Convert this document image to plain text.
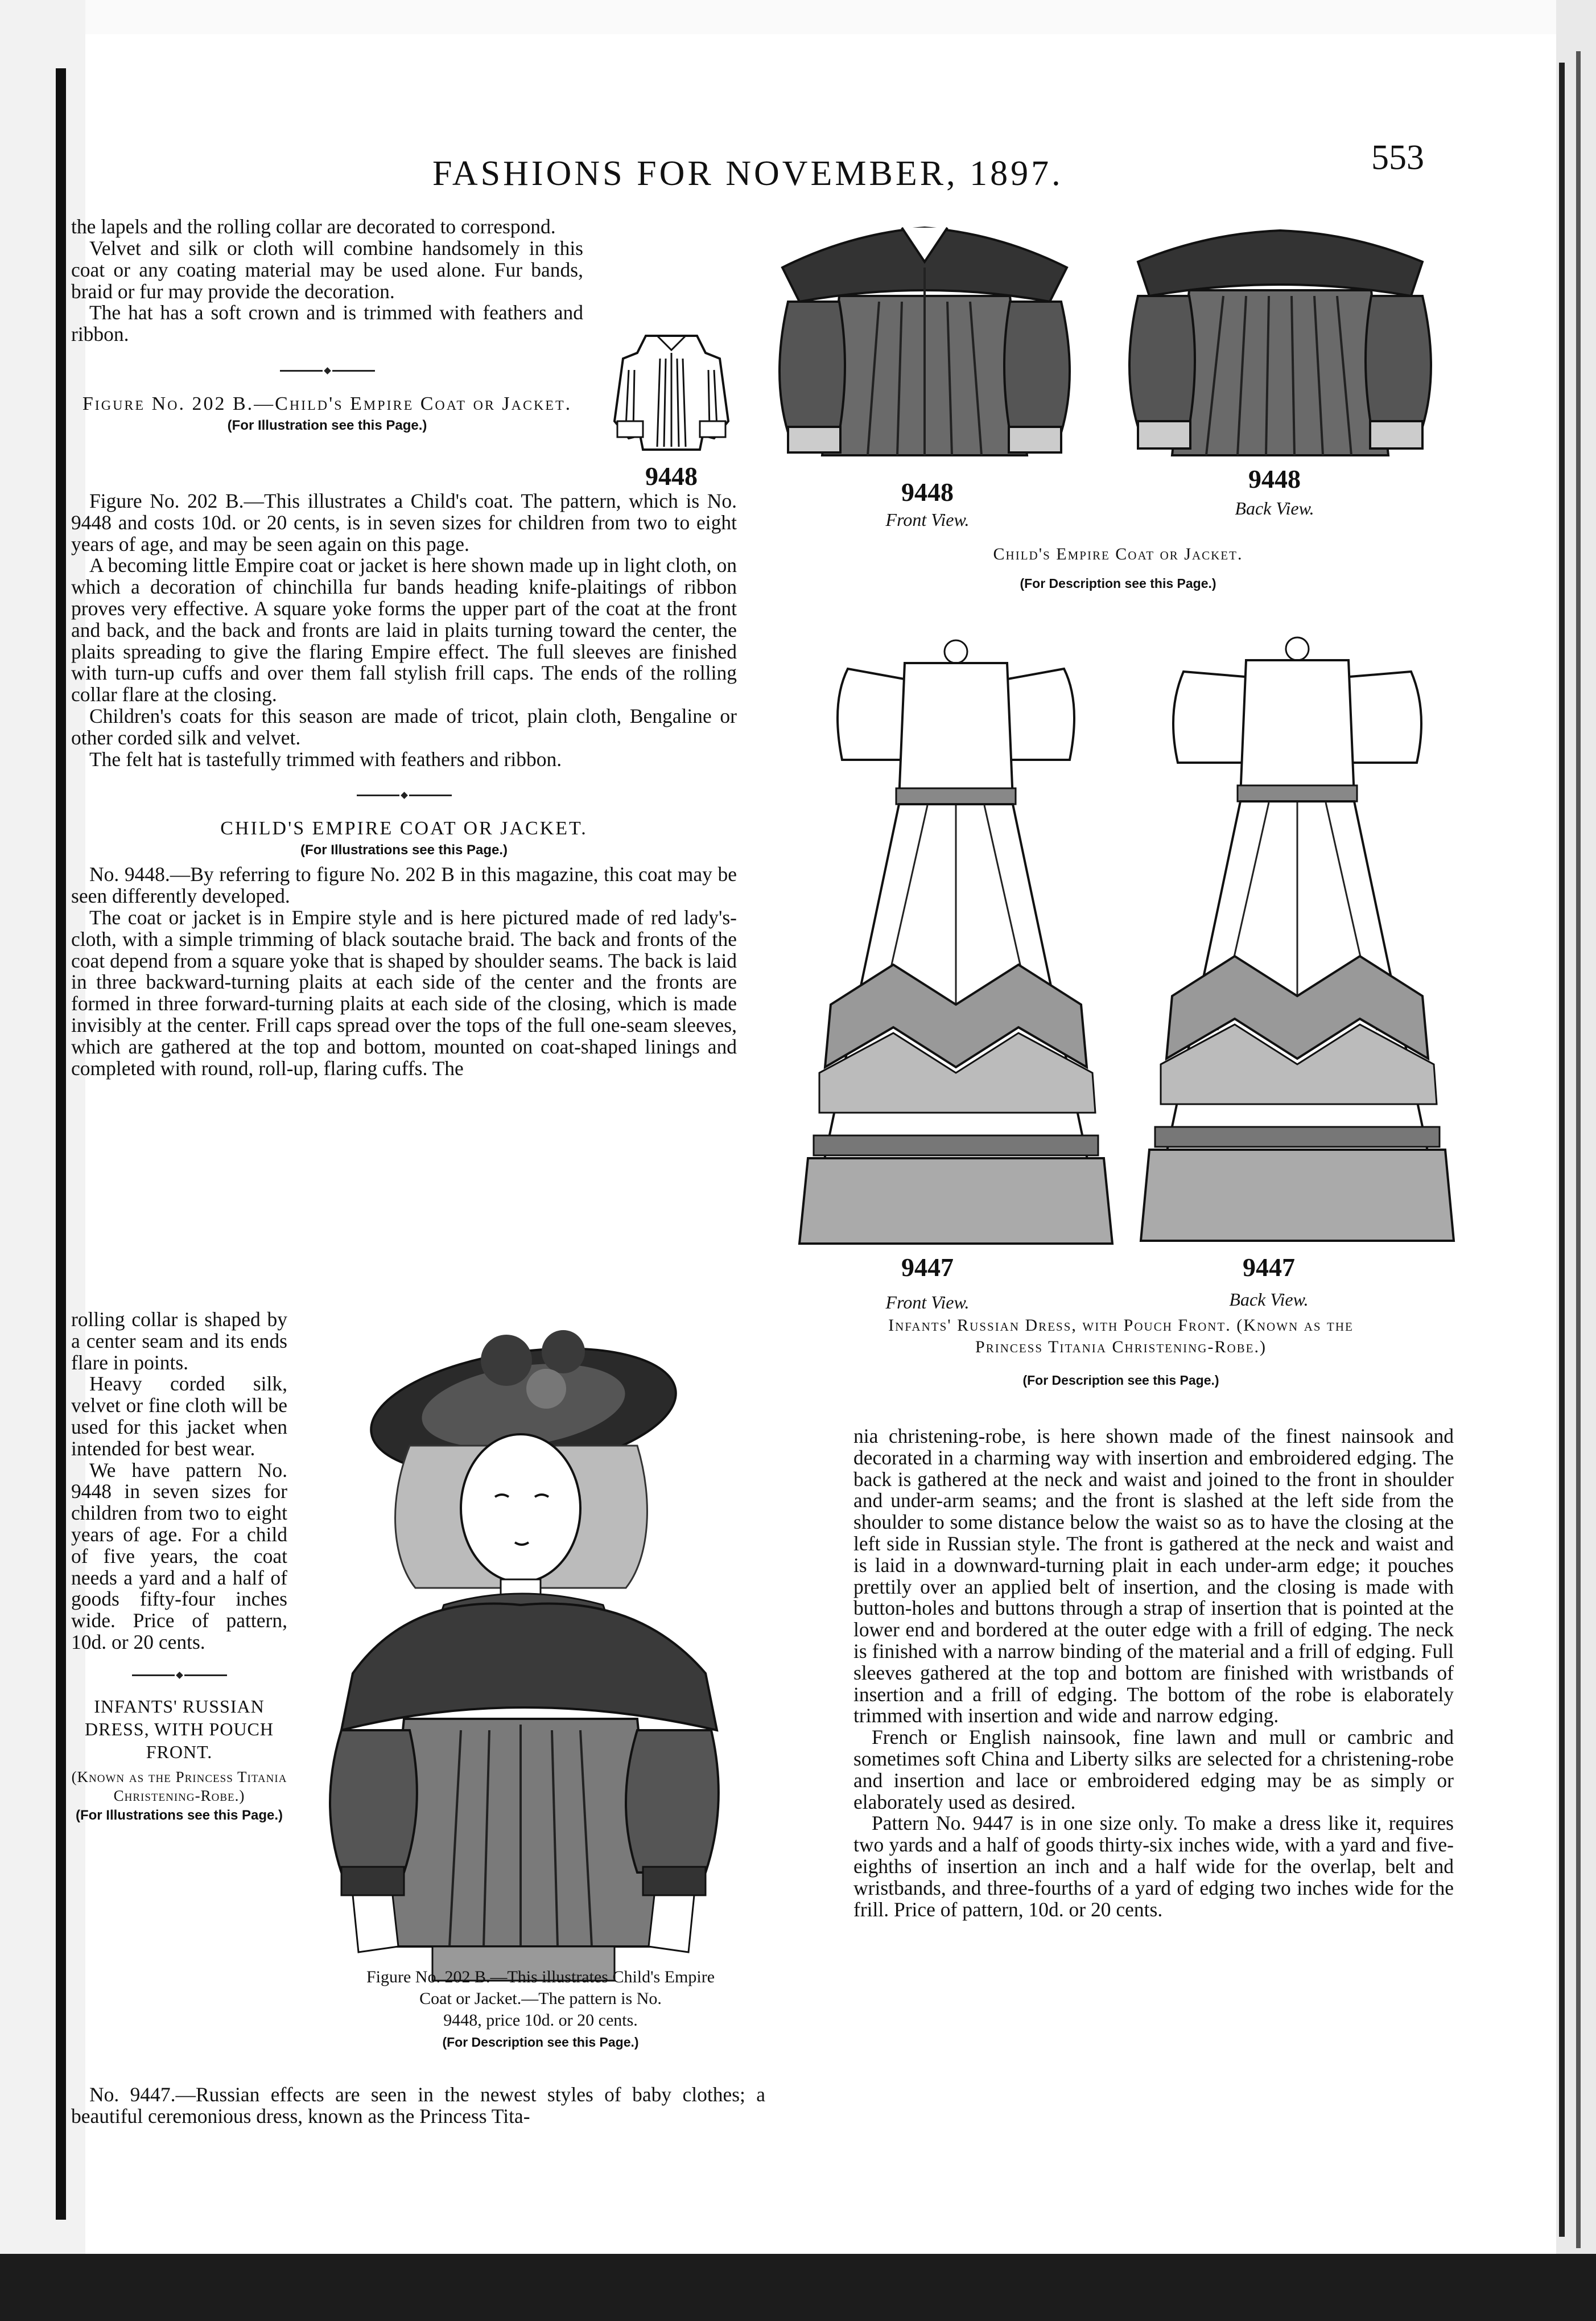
FASHIONS FOR NOVEMBER, 1897.	553

the lapels and the rolling collar are decorated to correspond.

Velvet and silk or cloth will combine handsomely in this coat or any coating material may be used alone. Fur bands, braid or fur may provide the decoration.

The hat has a soft crown and is trimmed with feathers and ribbon.

Figure No. 202 B.—Child's Empire Coat or Jacket.

(For Illustration see this Page.)

9448

Figure No. 202 B.—This illustrates a Child's coat. The pattern, which is No. 9448 and costs 10d. or 20 cents, is in seven sizes for children from two to eight years of age, and may be seen again on this page.

A becoming little Empire coat or jacket is here shown made up in light cloth, on which a decoration of chinchilla fur bands heading knife-plaitings of ribbon proves very effective. A square yoke forms the upper part of the coat at the front and back, and the back and fronts are laid in plaits turning toward the center, the plaits spreading to give the flaring Empire effect. The full sleeves are finished with turn-up cuffs and over them fall stylish frill caps. The ends of the rolling collar flare at the closing.

Children's coats for this season are made of tricot, plain cloth, Bengaline or other corded silk and velvet.

The felt hat is tastefully trimmed with feathers and ribbon.

CHILD'S EMPIRE COAT OR JACKET.

(For Illustrations see this Page.)

No. 9448.—By referring to figure No. 202 B in this magazine, this coat may be seen differently developed.

The coat or jacket is in Empire style and is here pictured made of red lady's-cloth, with a simple trimming of black soutache braid. The back and fronts of the coat depend from a square yoke that is shaped by shoulder seams. The back is laid in three backward-turning plaits at each side of the center and the fronts are formed in three forward-turning plaits at each side of the closing, which is made invisibly at the center. Frill caps spread over the tops of the full one-seam sleeves, which are gathered at the top and bottom, mounted on coat-shaped linings and completed with round, roll-up, flaring cuffs. The

rolling collar is shaped by a center seam and its ends flare in points.

Heavy corded silk, velvet or fine cloth will be used for this jacket when intended for best wear.

We have pattern No. 9448 in seven sizes for children from two to eight years of age. For a child of five years, the coat needs a yard and a half of goods fifty-four inches wide. Price of pattern, 10d. or 20 cents.

INFANTS' RUSSIAN DRESS, WITH POUCH FRONT.

(Known as the Princess Titania Christening-Robe.)

(For Illustrations see this Page.)

No. 9447.—Russian effects are seen in the newest styles of baby clothes; a beautiful ceremonious dress, known as the Princess Tita-

Figure No. 202 B.—This illustrates Child's Empire
Coat or Jacket.—The pattern is No.
9448, price 10d. or 20 cents.
(For Description see this Page.)
9448
Front View.
9448
Back View.
Child's Empire Coat or Jacket.
(For Description see this Page.)
9447
Front View.
9447
Back View.
Infants' Russian Dress, with Pouch Front. (Known as the
Princess Titania Christening-Robe.)
(For Description see this Page.)

nia christening-robe, is here shown made of the finest nainsook and decorated in a charming way with insertion and embroidered edging. The back is gathered at the neck and waist and joined to the front in shoulder and under-arm seams; and the front is slashed at the left side from the shoulder to some distance below the waist so as to have the closing at the left side in Russian style. The front is gathered at the neck and waist and is laid in a downward-turning plait in each under-arm edge; it pouches prettily over an applied belt of insertion, and the closing is made with button-holes and buttons through a strap of insertion that is pointed at the lower end and bordered at the outer edge with a frill of edging. The neck is finished with a narrow binding of the material and a frill of edging. Full sleeves gathered at the top and bottom are finished with wristbands of insertion and a frill of edging. The bottom of the robe is elaborately trimmed with insertion and wide and narrow edging.

French or English nainsook, fine lawn and mull or cambric and sometimes soft China and Liberty silks are selected for a christening-robe and insertion and lace or embroidered edging may be as simply or elaborately used as desired.

Pattern No. 9447 is in one size only. To make a dress like it, requires two yards and a half of goods thirty-six inches wide, with a yard and five-eighths of insertion an inch and a half wide for the overlap, belt and wristbands, and three-fourths of a yard of edging two inches wide for the frill. Price of pattern, 10d. or 20 cents.
